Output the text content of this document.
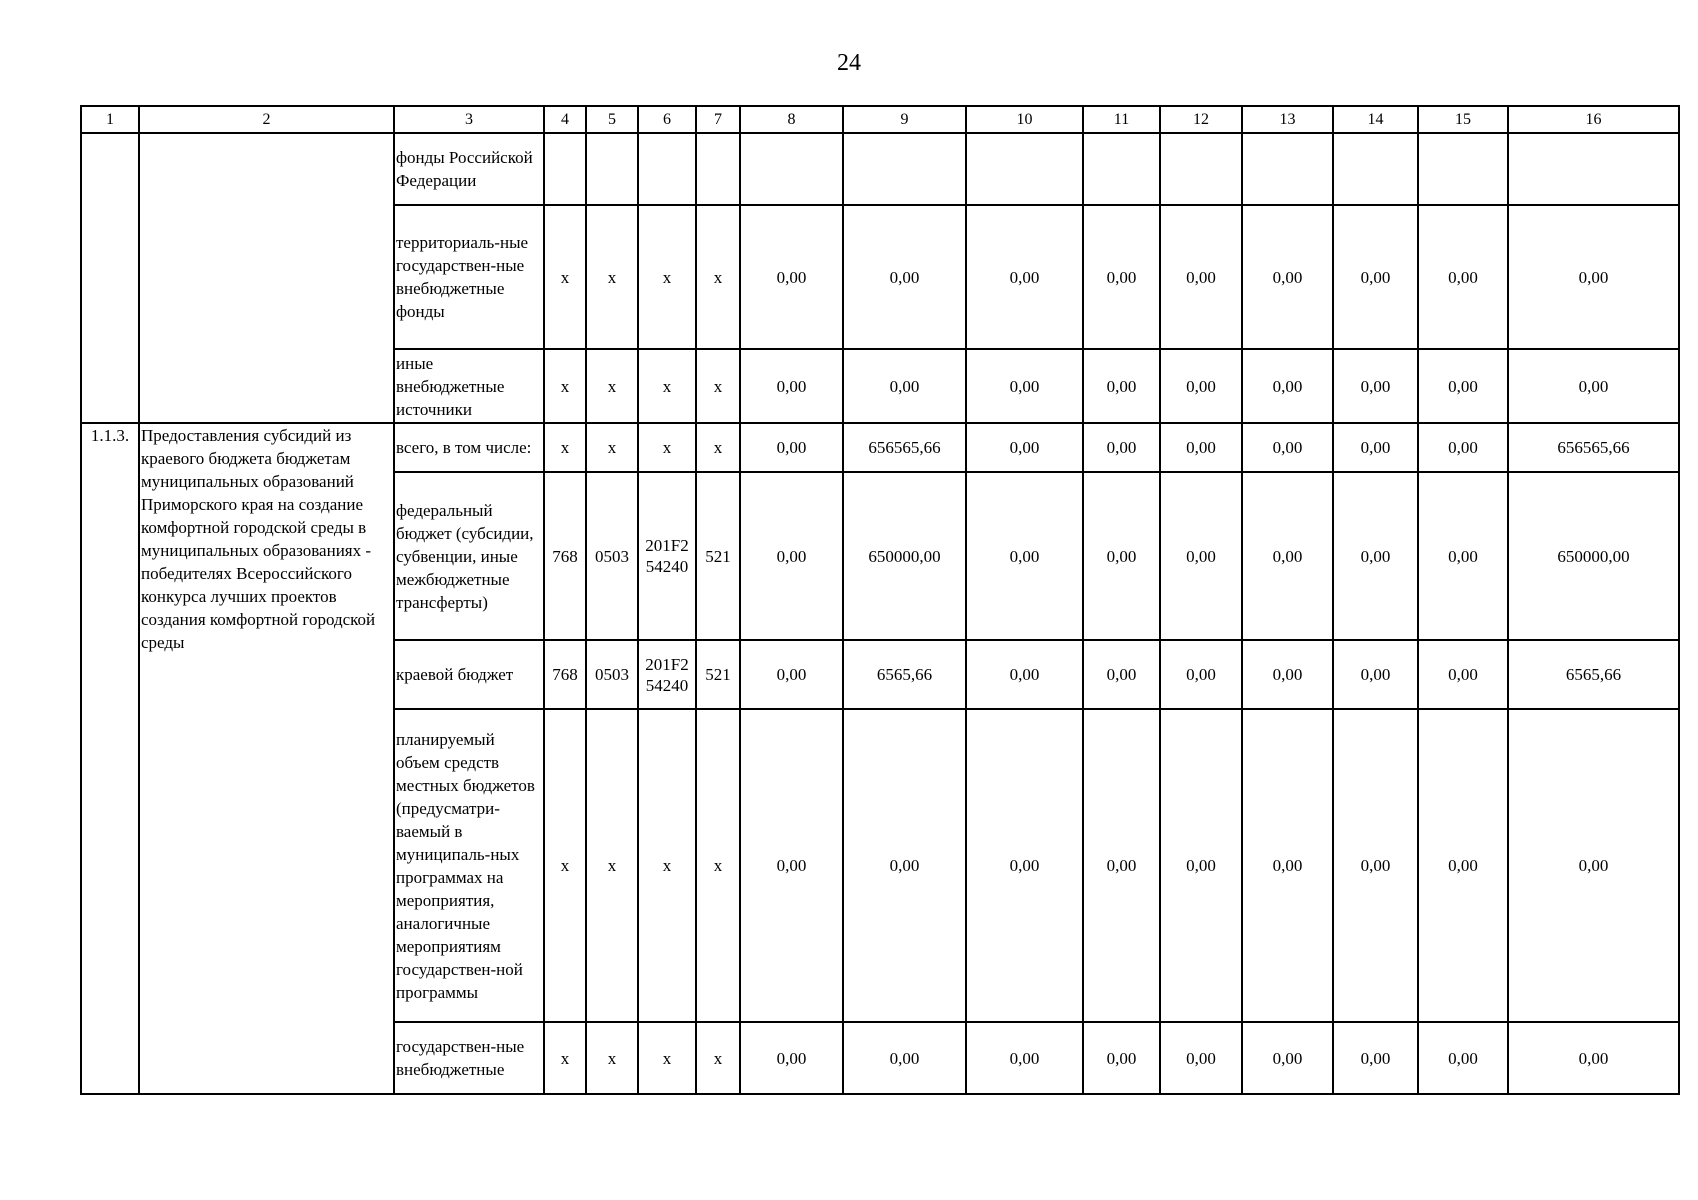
24
1	2	3	4	5	6	7	8	9	10	11	12	13	14	15	16
		фонды Российской Федерации													
		территориаль-ные государствен-ные внебюджетные фонды	x	x	x	x	0,00	0,00	0,00	0,00	0,00	0,00	0,00	0,00	0,00
		иные внебюджетные источники	x	x	x	x	0,00	0,00	0,00	0,00	0,00	0,00	0,00	0,00	0,00
1.1.3.	Предоставления субсидий из краевого бюджета бюджетам муниципальных образований Приморского края на создание комфортной городской среды в муниципальных образованиях - победителях Всероссийского конкурса лучших проектов создания комфортной городской среды	всего, в том числе:	x	x	x	x	0,00	656565,66	0,00	0,00	0,00	0,00	0,00	0,00	656565,66
		федеральный бюджет (субсидии, субвенции, иные межбюджетные трансферты)	768	0503	201F2 54240	521	0,00	650000,00	0,00	0,00	0,00	0,00	0,00	0,00	650000,00
		краевой бюджет	768	0503	201F2 54240	521	0,00	6565,66	0,00	0,00	0,00	0,00	0,00	0,00	6565,66
		планируемый объем средств местных бюджетов (предусматри-ваемый в муниципаль-ных программах на мероприятия, аналогичные мероприятиям государствен-ной программы	x	x	x	x	0,00	0,00	0,00	0,00	0,00	0,00	0,00	0,00	0,00
		государствен-ные внебюджетные	x	x	x	x	0,00	0,00	0,00	0,00	0,00	0,00	0,00	0,00	0,00
